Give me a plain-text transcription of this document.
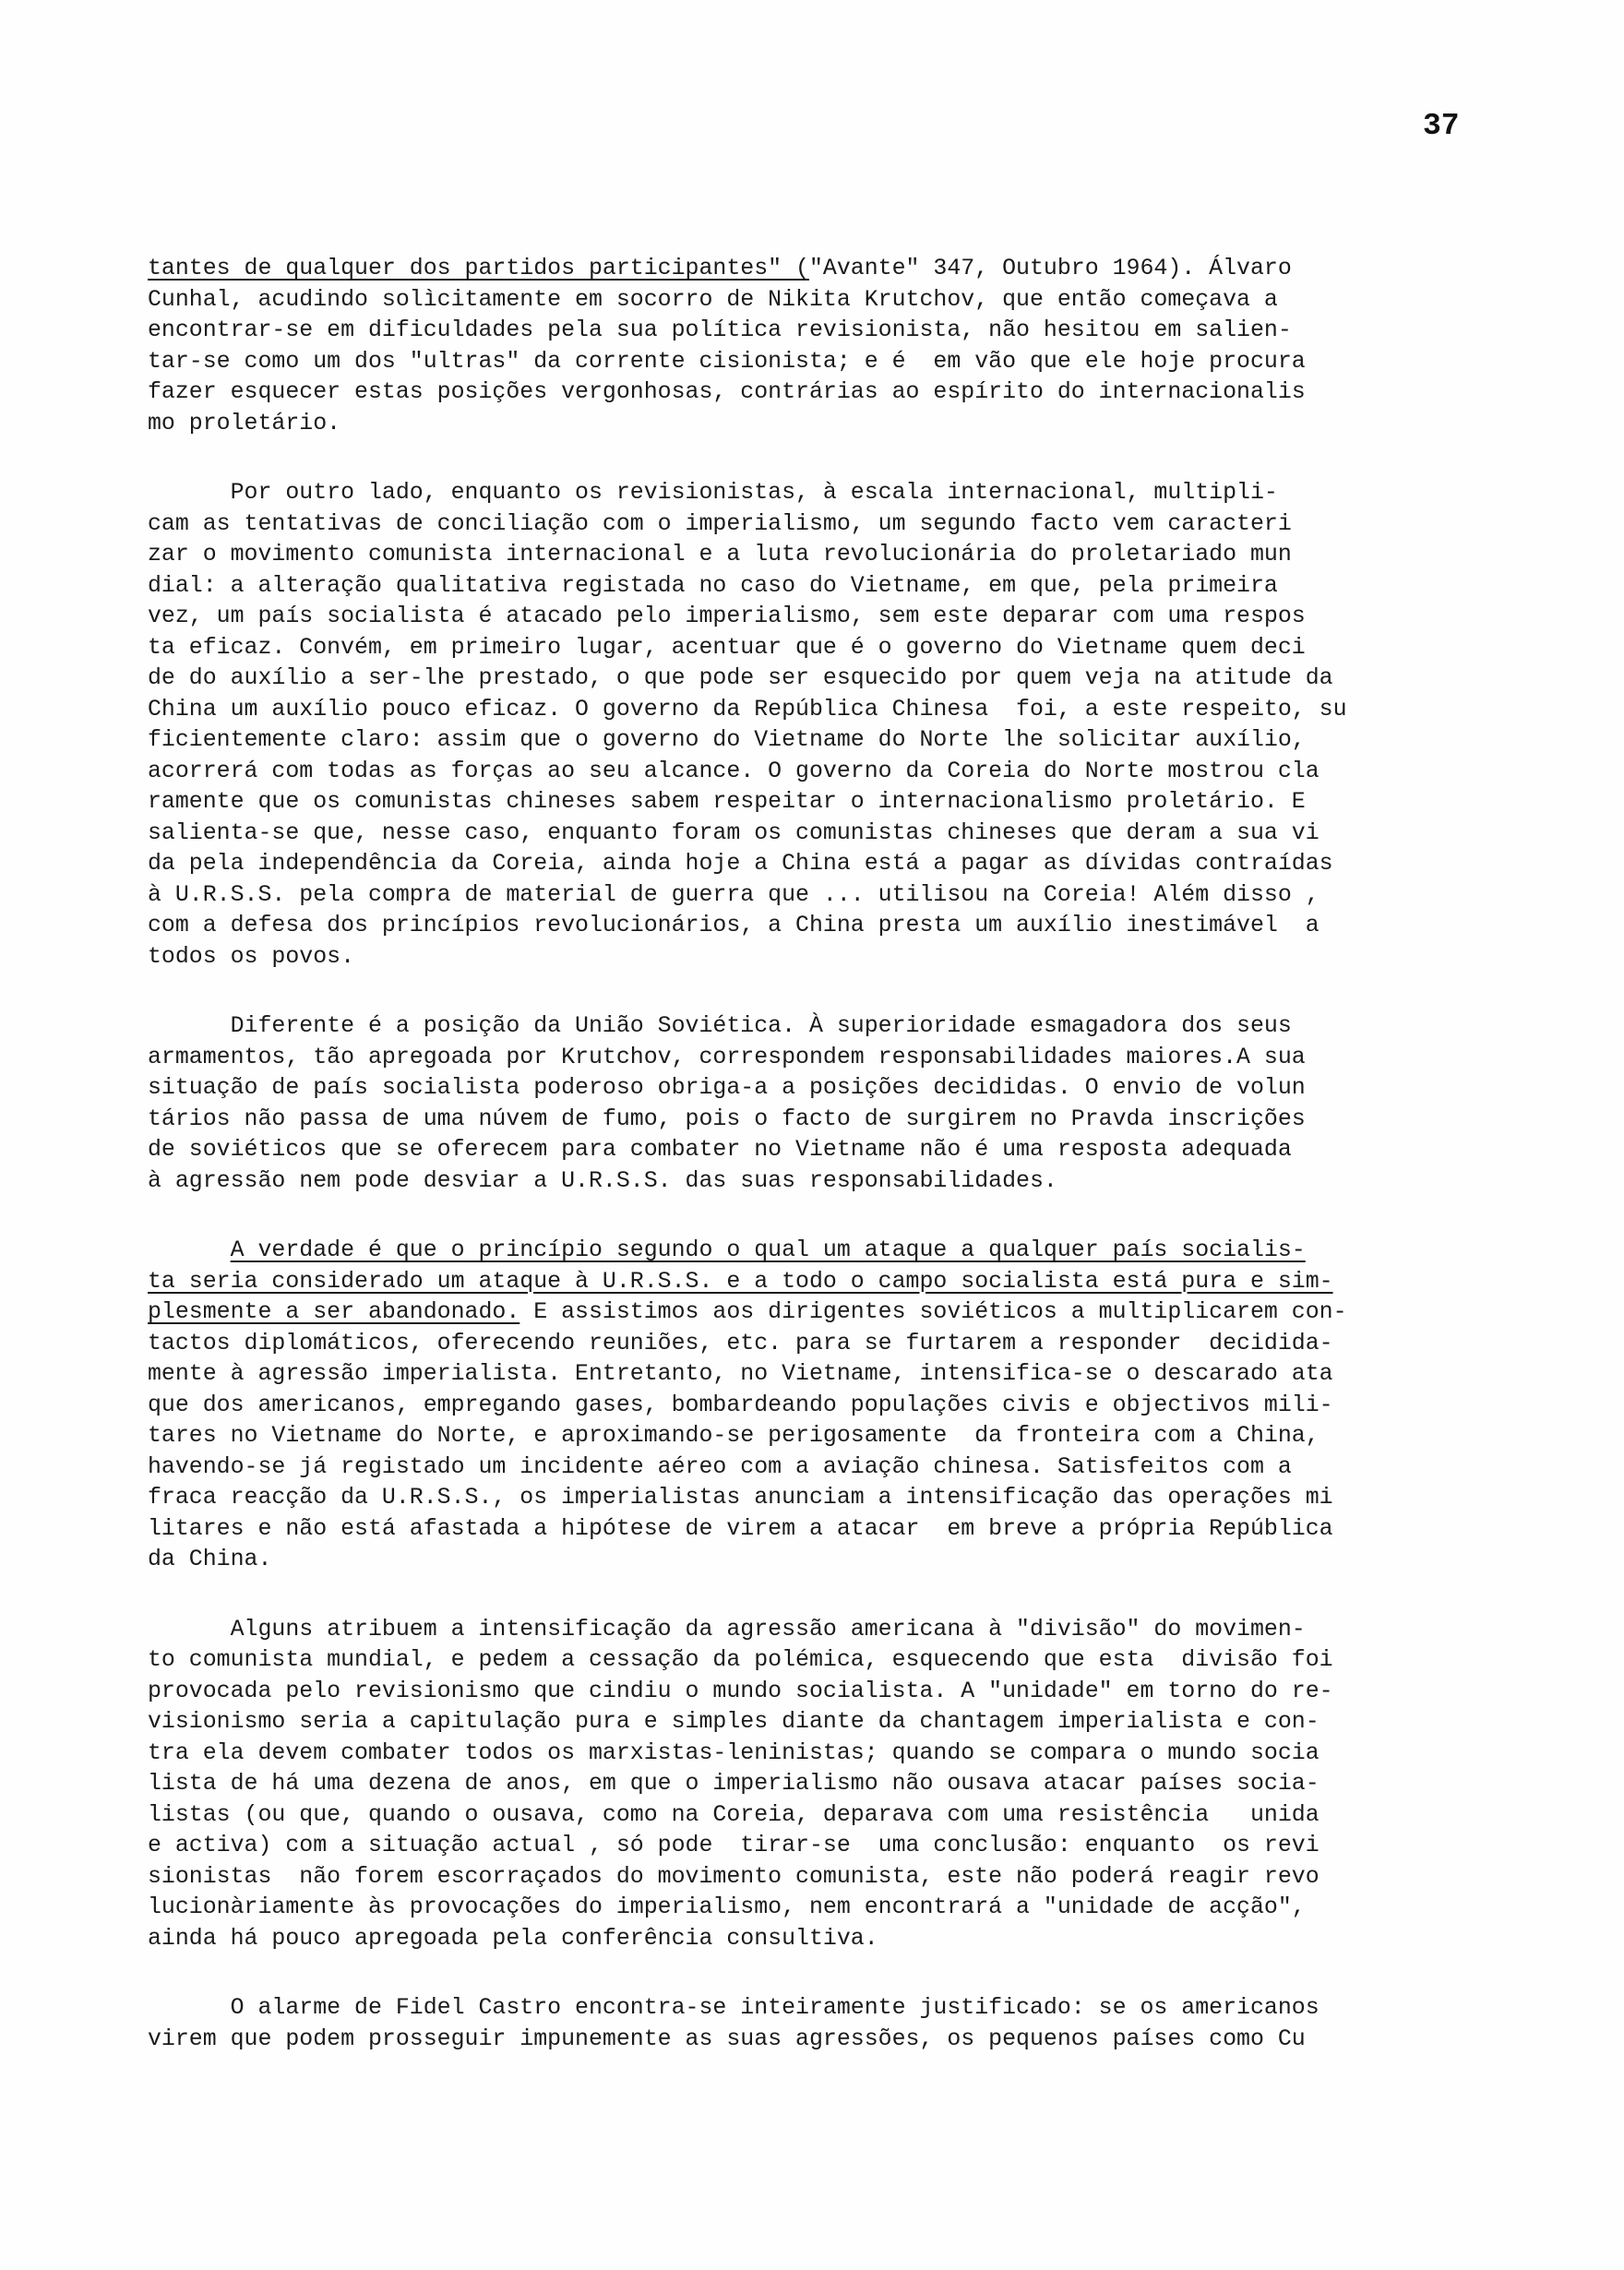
37
tantes de qualquer dos partidos participantes" ("Avante" 347, Outubro 1964). Álvaro
Cunhal, acudindo solìcitamente em socorro de Nikita Krutchov, que então começava a
encontrar-se em dificuldades pela sua política revisionista, não hesitou em salien-
tar-se como um dos "ultras" da corrente cisionista; e é  em vão que ele hoje procura
fazer esquecer estas posições vergonhosas, contrárias ao espírito do internacionalis
mo proletário.
Por outro lado, enquanto os revisionistas, à escala internacional, multipli-
cam as tentativas de conciliação com o imperialismo, um segundo facto vem caracteri
zar o movimento comunista internacional e a luta revolucionária do proletariado mun
dial: a alteração qualitativa registada no caso do Vietname, em que, pela primeira
vez, um país socialista é atacado pelo imperialismo, sem este deparar com uma respos
ta eficaz. Convém, em primeiro lugar, acentuar que é o governo do Vietname quem deci
de do auxílio a ser-lhe prestado, o que pode ser esquecido por quem veja na atitude da
China um auxílio pouco eficaz. O governo da República Chinesa  foi, a este respeito, su
ficientemente claro: assim que o governo do Vietname do Norte lhe solicitar auxílio,
acorrerá com todas as forças ao seu alcance. O governo da Coreia do Norte mostrou cla
ramente que os comunistas chineses sabem respeitar o internacionalismo proletário. E
salienta-se que, nesse caso, enquanto foram os comunistas chineses que deram a sua vi
da pela independência da Coreia, ainda hoje a China está a pagar as dívidas contraídas
à U.R.S.S. pela compra de material de guerra que ... utilisou na Coreia! Além disso ,
com a defesa dos princípios revolucionários, a China presta um auxílio inestimável  a
todos os povos.
Diferente é a posição da União Soviética. À superioridade esmagadora dos seus
armamentos, tão apregoada por Krutchov, correspondem responsabilidades maiores.A sua
situação de país socialista poderoso obriga-a a posições decididas. O envio de volun
tários não passa de uma núvem de fumo, pois o facto de surgirem no Pravda inscrições
de soviéticos que se oferecem para combater no Vietname não é uma resposta adequada
à agressão nem pode desviar a U.R.S.S. das suas responsabilidades.
A verdade é que o princípio segundo o qual um ataque a qualquer país socialis-
ta seria considerado um ataque à U.R.S.S. e a todo o campo socialista está pura e sim-
plesmente a ser abandonado. E assistimos aos dirigentes soviéticos a multiplicarem con-
tactos diplomáticos, oferecendo reuniões, etc. para se furtarem a responder  decidida-
mente à agressão imperialista. Entretanto, no Vietname, intensifica-se o descarado ata
que dos americanos, empregando gases, bombardeando populações civis e objectivos mili-
tares no Vietname do Norte, e aproximando-se perigosamente  da fronteira com a China,
havendo-se já registado um incidente aéreo com a aviação chinesa. Satisfeitos com a
fraca reacção da U.R.S.S., os imperialistas anunciam a intensificação das operações mi
litares e não está afastada a hipótese de virem a atacar  em breve a própria República
da China.
Alguns atribuem a intensificação da agressão americana à "divisão" do movimen-
to comunista mundial, e pedem a cessação da polémica, esquecendo que esta  divisão foi
provocada pelo revisionismo que cindiu o mundo socialista. A "unidade" em torno do re-
visionismo seria a capitulação pura e simples diante da chantagem imperialista e con-
tra ela devem combater todos os marxistas-leninistas; quando se compara o mundo socia
lista de há uma dezena de anos, em que o imperialismo não ousava atacar países socia-
listas (ou que, quando o ousava, como na Coreia, deparava com uma resistência   unida
e activa) com a situação actual , só pode  tirar-se  uma conclusão: enquanto  os revi
sionistas  não forem escorraçados do movimento comunista, este não poderá reagir revo
lucionàriamente às provocações do imperialismo, nem encontrará a "unidade de acção",
ainda há pouco apregoada pela conferência consultiva.
O alarme de Fidel Castro encontra-se inteiramente justificado: se os americanos
virem que podem prosseguir impunemente as suas agressões, os pequenos países como Cu
